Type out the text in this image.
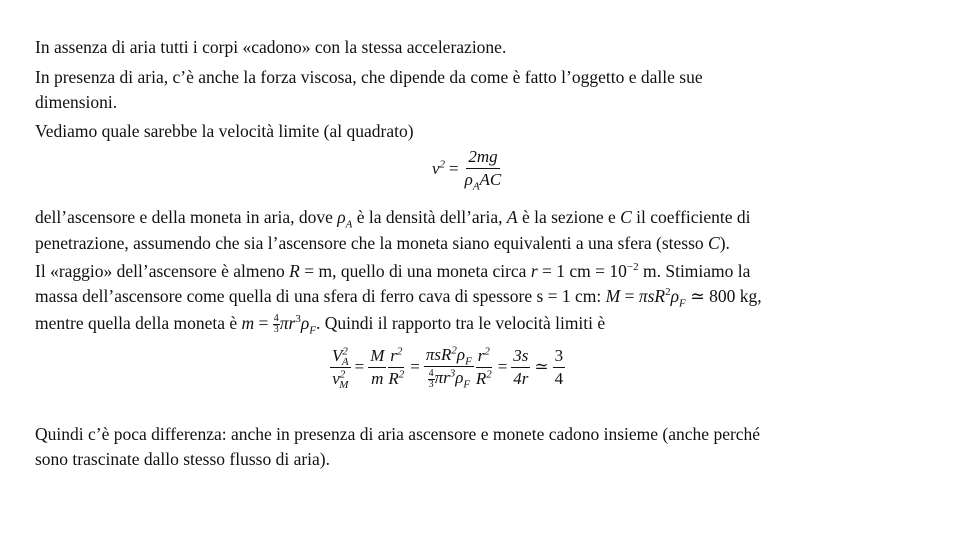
In assenza di aria tutti i corpi «cadono» con la stessa accelerazione.
In presenza di aria, c’è anche la forza viscosa, che dipende da come è fatto l’oggetto e dalle sue
dimensioni.
Vediamo quale sarebbe la velocità limite (al quadrato)
$v^2 = \frac{2mg}{\rho_AAC}$
dell’ascensore e della moneta in aria, dove $\rho_A$ è la densità dell’aria, A è la sezione e C il coefficiente di
penetrazione, assumendo che sia l’ascensore che la moneta siano equivalenti a una sfera (stesso C).
Il «raggio» dell’ascensore è almeno R = m, quello di una moneta circa r = 1 cm = $10^{-2}$ m. Stimiamo la
massa dell’ascensore come quella di una sfera di ferro cava di spessore s = 1 cm: $M = \pi sR^2\rho_F$ ≃ 800 kg,
mentre quella della moneta è $m = \frac{4}{3} \pi r^3\rho_F$. Quindi il rapporto tra le velocità limiti è
$\frac{V^2_A}{v^2_M} = \frac{M}{m} \frac{r^2}{R^2} = \frac{\pi sR^2\rho_F}{\frac{4}{3} \pi r^3\rho_F} \frac{r^2}{R^2} = \frac{3s}{4r}$ ≃ $\frac{3}{4}$
Quindi c’è poca differenza: anche in presenza di aria ascensore e monete cadono insieme (anche perché
sono trascinate dallo stesso flusso di aria).
